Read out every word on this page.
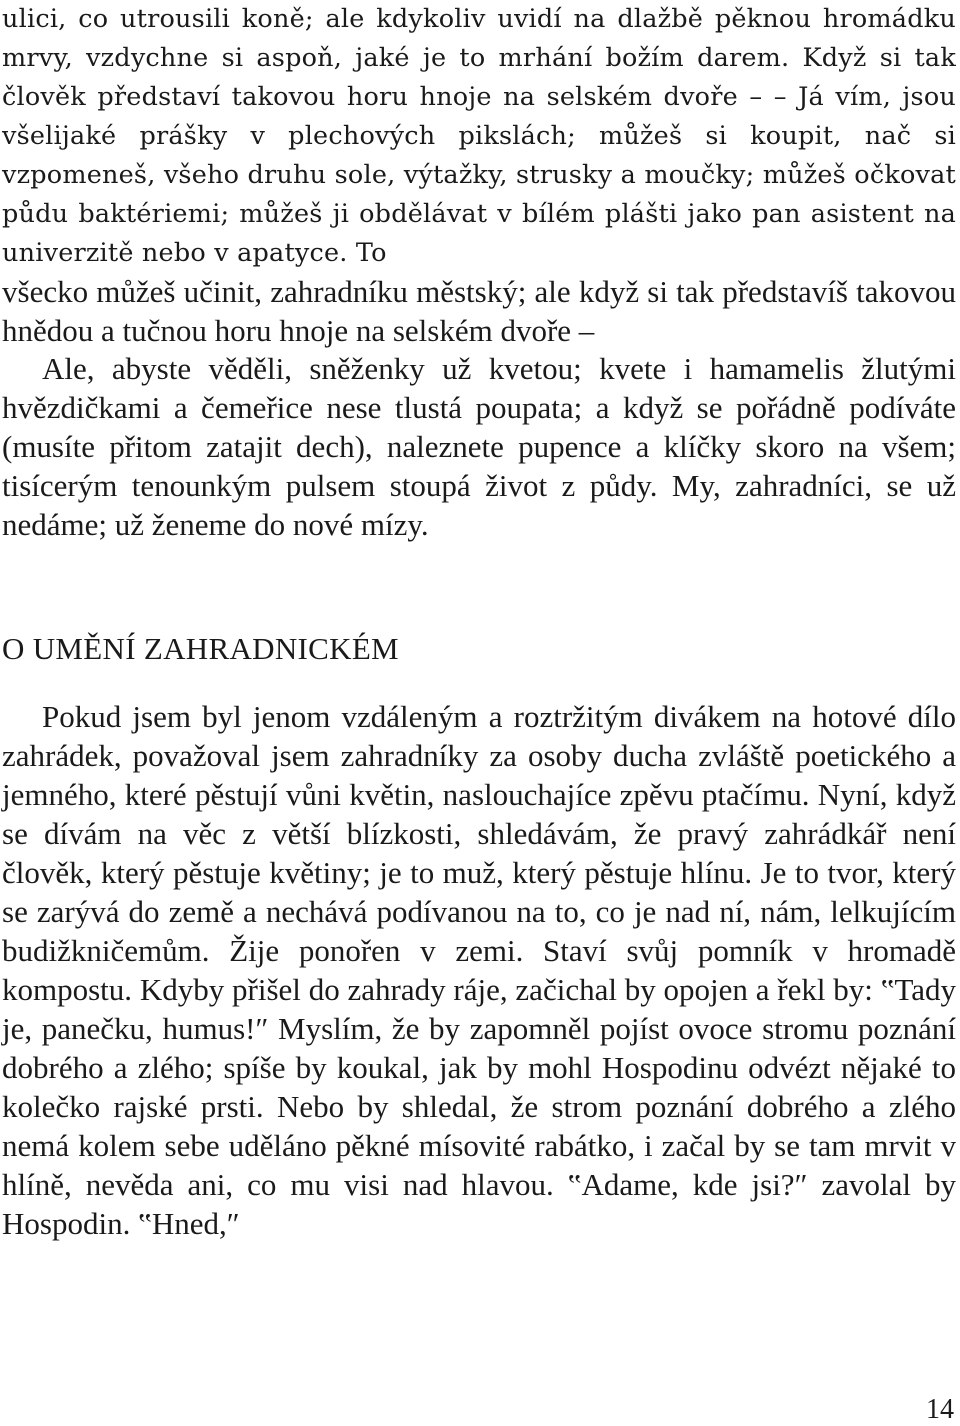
ulici, co utrousili koně; ale kdykoliv uvidí na dlažbě pěknou hromádku mrvy, vzdychne si aspoň, jaké je to mrhání božím darem. Když si tak člověk představí takovou horu hnoje na selském dvoře – – Já vím, jsou všelijaké prášky v plechových pikslách; můžeš si koupit, nač si vzpomeneš, všeho druhu sole, výtažky, strusky a moučky; můžeš očkovat půdu baktériemi; můžeš ji obdělávat v bílém plášti jako pan asistent na univerzitě nebo v apatyce. To

všecko můžeš učinit, zahradníku městský; ale když si tak představíš takovou hnědou a tučnou horu hnoje na selském dvoře –

Ale, abyste věděli, sněženky už kvetou; kvete i hamamelis žlutými hvězdičkami a čemeřice nese tlustá poupata; a když se pořádně podíváte (musíte přitom zatajit dech), naleznete pupence a klíčky skoro na všem; tisícerým tenounkým pulsem stoupá život z půdy. My, zahradníci, se už nedáme; už ženeme do nové mízy.

O UMĚNÍ ZAHRADNICKÉM

Pokud jsem byl jenom vzdáleným a roztržitým divákem na hotové dílo zahrádek, považoval jsem zahradníky za osoby ducha zvláště poetického a jemného, které pěstují vůni květin, naslouchajíce zpěvu ptačímu. Nyní, když se dívám na věc z větší blízkosti, shledávám, že pravý zahrádkář není člověk, který pěstuje květiny; je to muž, který pěstuje hlínu. Je to tvor, který se zarývá do země a nechává podívanou na to, co je nad ní, nám, lelkujícím budižkničemům. Žije ponořen v zemi. Staví svůj pomník v hromadě kompostu. Kdyby přišel do zahrady ráje, začichal by opojen a řekl by: ‟Tady je, panečku, humus!″ Myslím, že by zapomněl pojíst ovoce stromu poznání dobrého a zlého; spíše by koukal, jak by mohl Hospodinu odvézt nějaké to kolečko rajské prsti. Nebo by shledal, že strom poznání dobrého a zlého nemá kolem sebe uděláno pěkné mísovité rabátko, i začal by se tam mrvit v hlíně, nevěda ani, co mu visi nad hlavou. ‟Adame, kde jsi?″ zavolal by Hospodin. ‟Hned,″

14
